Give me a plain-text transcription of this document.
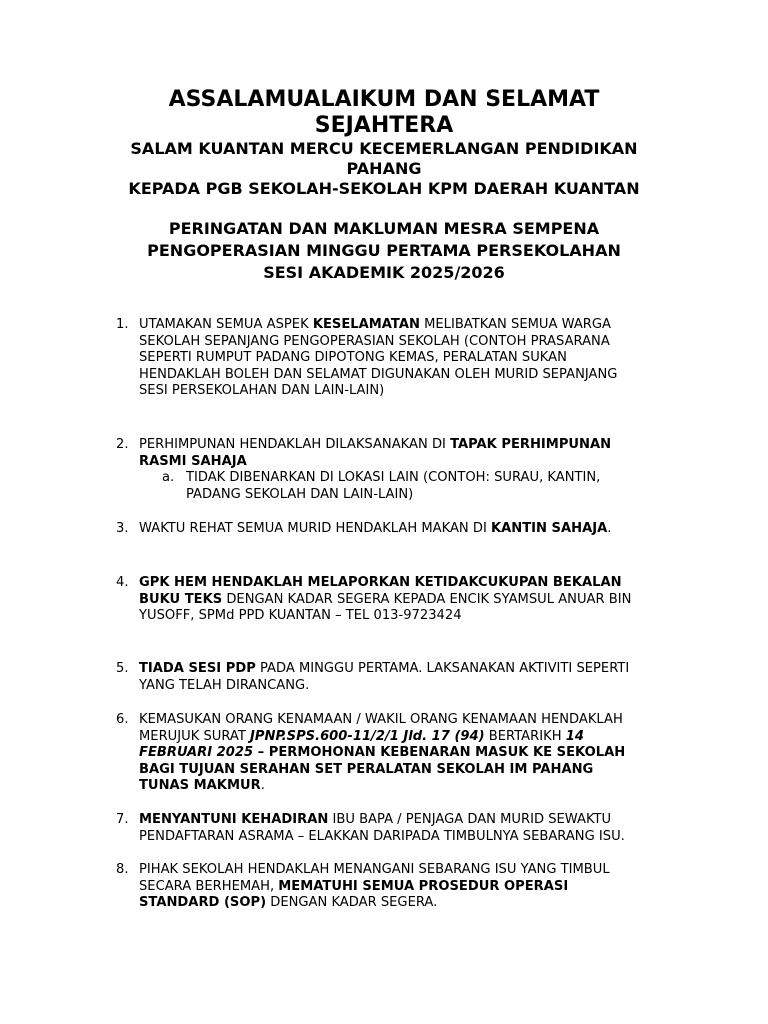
ASSALAMUALAIKUM DAN SELAMAT
SEJAHTERA
SALAM KUANTAN MERCU KECEMERLANGAN PENDIDIKAN
PAHANG
KEPADA PGB SEKOLAH-SEKOLAH KPM DAERAH KUANTAN
PERINGATAN DAN MAKLUMAN MESRA SEMPENA
PENGOPERASIAN MINGGU PERTAMA PERSEKOLAHAN
SESI AKADEMIK 2025/2026
1. UTAMAKAN SEMUA ASPEK KESELAMATAN MELIBATKAN SEMUA WARGA
SEKOLAH SEPANJANG PENGOPERASIAN SEKOLAH (CONTOH PRASARANA
SEPERTI RUMPUT PADANG DIPOTONG KEMAS, PERALATAN SUKAN
HENDAKLAH BOLEH DAN SELAMAT DIGUNAKAN OLEH MURID SEPANJANG
SESI PERSEKOLAHAN DAN LAIN-LAIN)
2. PERHIMPUNAN HENDAKLAH DILAKSANAKAN DI TAPAK PERHIMPUNAN
RASMI SAHAJA
a. TIDAK DIBENARKAN DI LOKASI LAIN (CONTOH: SURAU, KANTIN,
PADANG SEKOLAH DAN LAIN-LAIN)
3. WAKTU REHAT SEMUA MURID HENDAKLAH MAKAN DI KANTIN SAHAJA.
4. GPK HEM HENDAKLAH MELAPORKAN KETIDAKCUKUPAN BEKALAN
BUKU TEKS DENGAN KADAR SEGERA KEPADA ENCIK SYAMSUL ANUAR BIN
YUSOFF, SPMd PPD KUANTAN – TEL 013-9723424
5. TIADA SESI PDP PADA MINGGU PERTAMA. LAKSANAKAN AKTIVITI SEPERTI
YANG TELAH DIRANCANG.
6. KEMASUKAN ORANG KENAMAAN / WAKIL ORANG KENAMAAN HENDAKLAH
MERUJUK SURAT JPNP.SPS.600-11/2/1 Jld. 17 (94) BERTARIKH 14
FEBRUARI 2025 – PERMOHONAN KEBENARAN MASUK KE SEKOLAH
BAGI TUJUAN SERAHAN SET PERALATAN SEKOLAH IM PAHANG
TUNAS MAKMUR.
7. MENYANTUNI KEHADIRAN IBU BAPA / PENJAGA DAN MURID SEWAKTU
PENDAFTARAN ASRAMA – ELAKKAN DARIPADA TIMBULNYA SEBARANG ISU.
8. PIHAK SEKOLAH HENDAKLAH MENANGANI SEBARANG ISU YANG TIMBUL
SECARA BERHEMAH, MEMATUHI SEMUA PROSEDUR OPERASI
STANDARD (SOP) DENGAN KADAR SEGERA.
